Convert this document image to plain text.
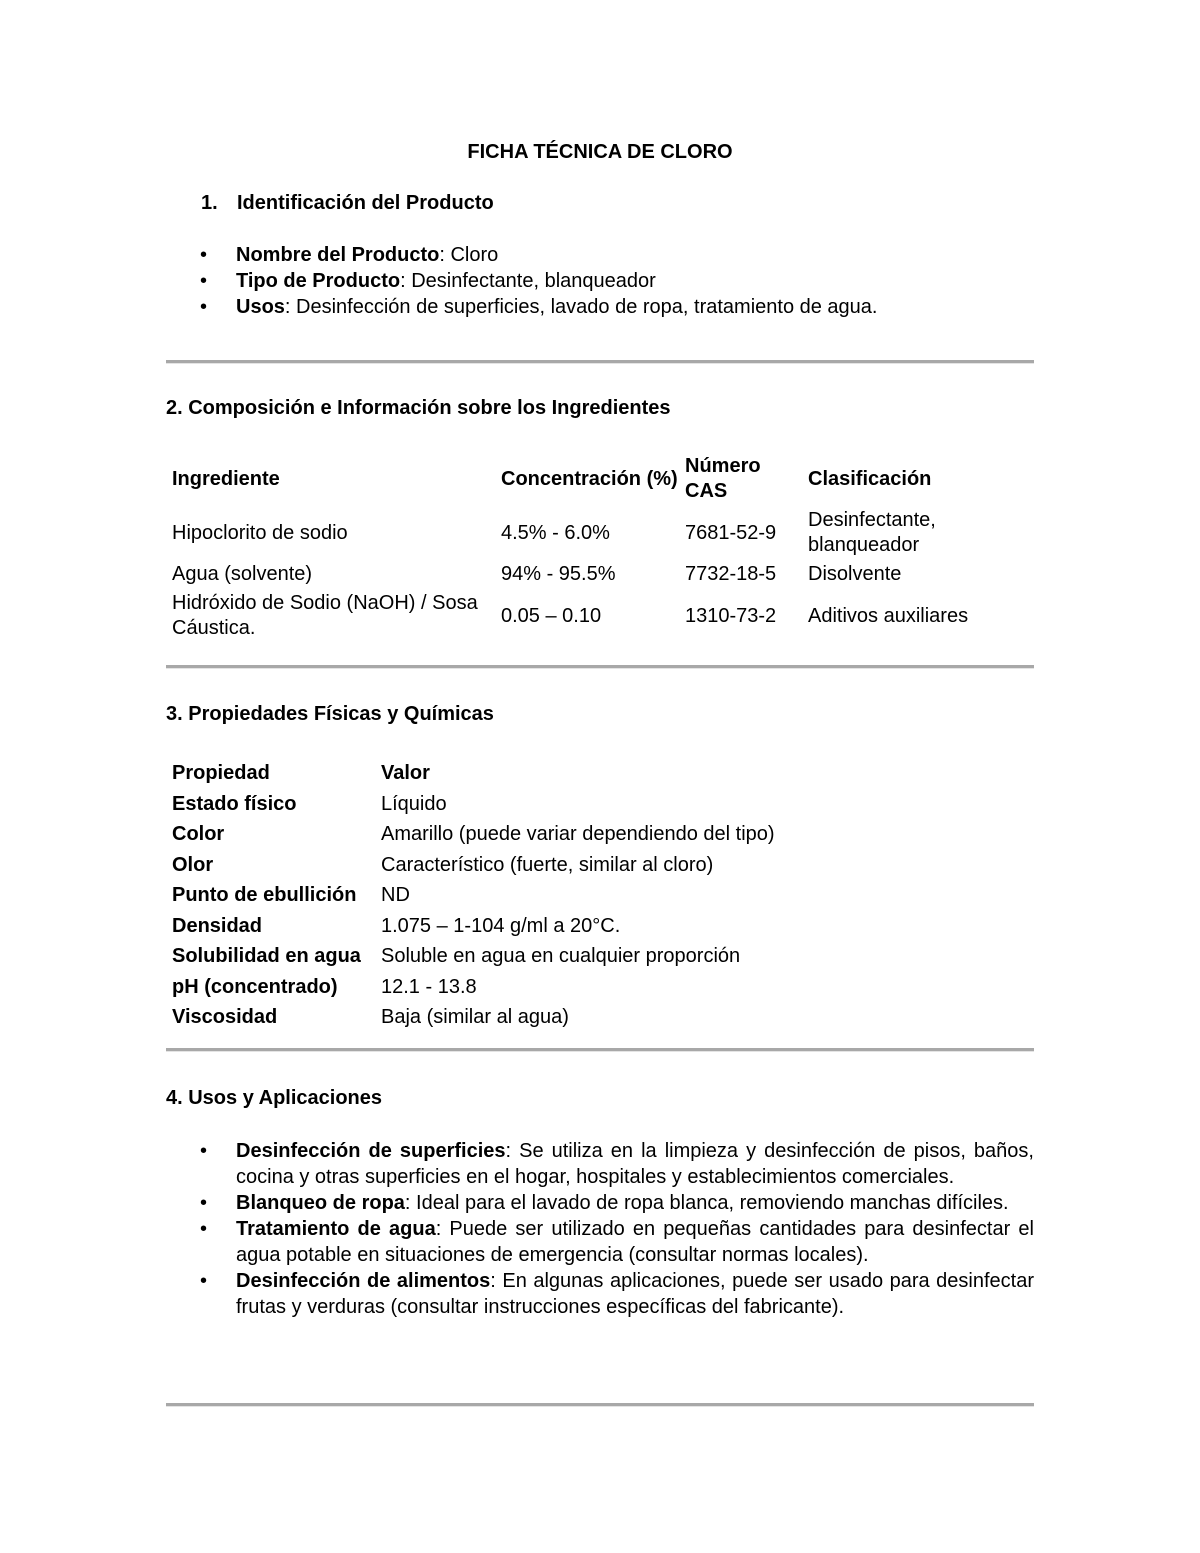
FICHA TÉCNICA DE CLORO
1. Identificación del Producto
• Nombre del Producto: Cloro
• Tipo de Producto: Desinfectante, blanqueador
• Usos: Desinfección de superficies, lavado de ropa, tratamiento de agua.
2. Composición e Información sobre los Ingredientes
Ingrediente	Concentración (%)	Número CAS	Clasificación
Hipoclorito de sodio	4.5% - 6.0%	7681-52-9	Desinfectante, blanqueador
Agua (solvente)	94% - 95.5%	7732-18-5	Disolvente
Hidróxido de Sodio (NaOH) / Sosa Cáustica.	0.05 – 0.10	1310-73-2	Aditivos auxiliares
3. Propiedades Físicas y Químicas
Propiedad	Valor
Estado físico	Líquido
Color	Amarillo (puede variar dependiendo del tipo)
Olor	Característico (fuerte, similar al cloro)
Punto de ebullición	ND
Densidad	1.075 – 1-104 g/ml a 20°C.
Solubilidad en agua	Soluble en agua en cualquier proporción
pH (concentrado)	12.1 - 13.8
Viscosidad	Baja (similar al agua)
4. Usos y Aplicaciones
• Desinfección de superficies: Se utiliza en la limpieza y desinfección de pisos, baños, cocina y otras superficies en el hogar, hospitales y establecimientos comerciales.
• Blanqueo de ropa: Ideal para el lavado de ropa blanca, removiendo manchas difíciles.
• Tratamiento de agua: Puede ser utilizado en pequeñas cantidades para desinfectar el agua potable en situaciones de emergencia (consultar normas locales).
• Desinfección de alimentos: En algunas aplicaciones, puede ser usado para desinfectar frutas y verduras (consultar instrucciones específicas del fabricante).
